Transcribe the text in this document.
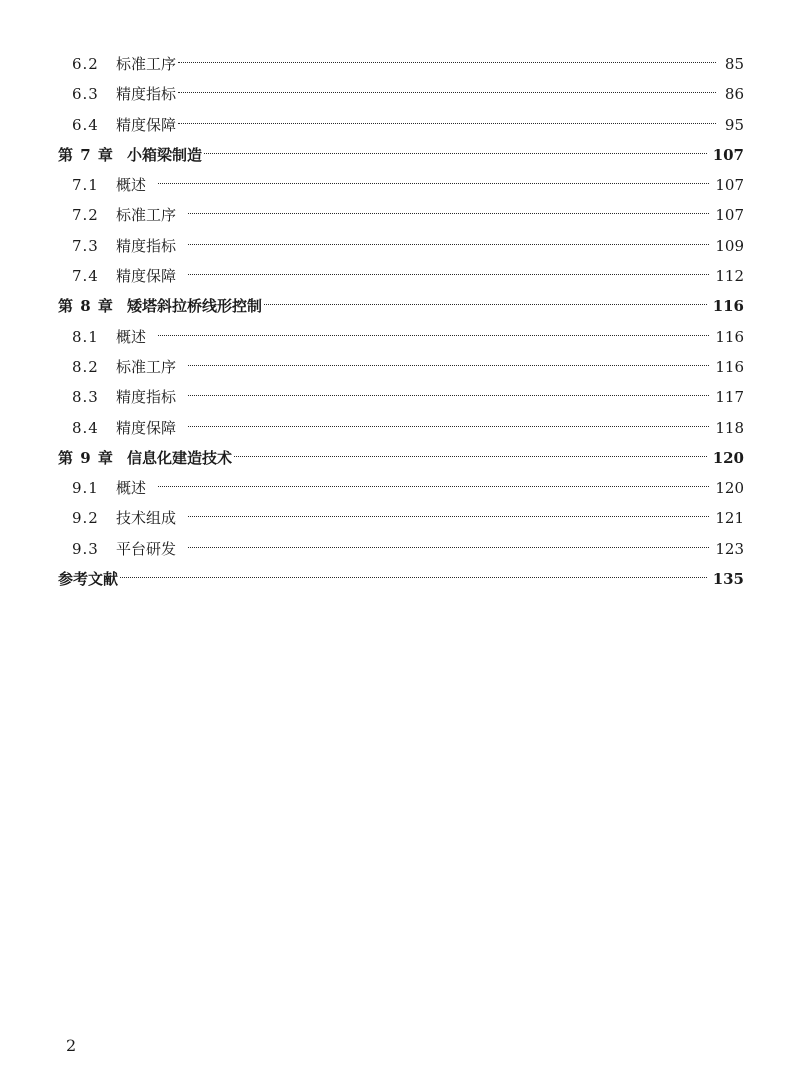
6.2	标准工序	85
6.3	精度指标	86
6.4	精度保障	95
第 7 章 小箱梁制造	107
7.1	概述	107
7.2	标准工序	107
7.3	精度指标	109
7.4	精度保障	112
第 8 章 矮塔斜拉桥线形控制	116
8.1	概述	116
8.2	标准工序	116
8.3	精度指标	117
8.4	精度保障	118
第 9 章 信息化建造技术	120
9.1	概述	120
9.2	技术组成	121
9.3	平台研发	123
参考文献	135
2
